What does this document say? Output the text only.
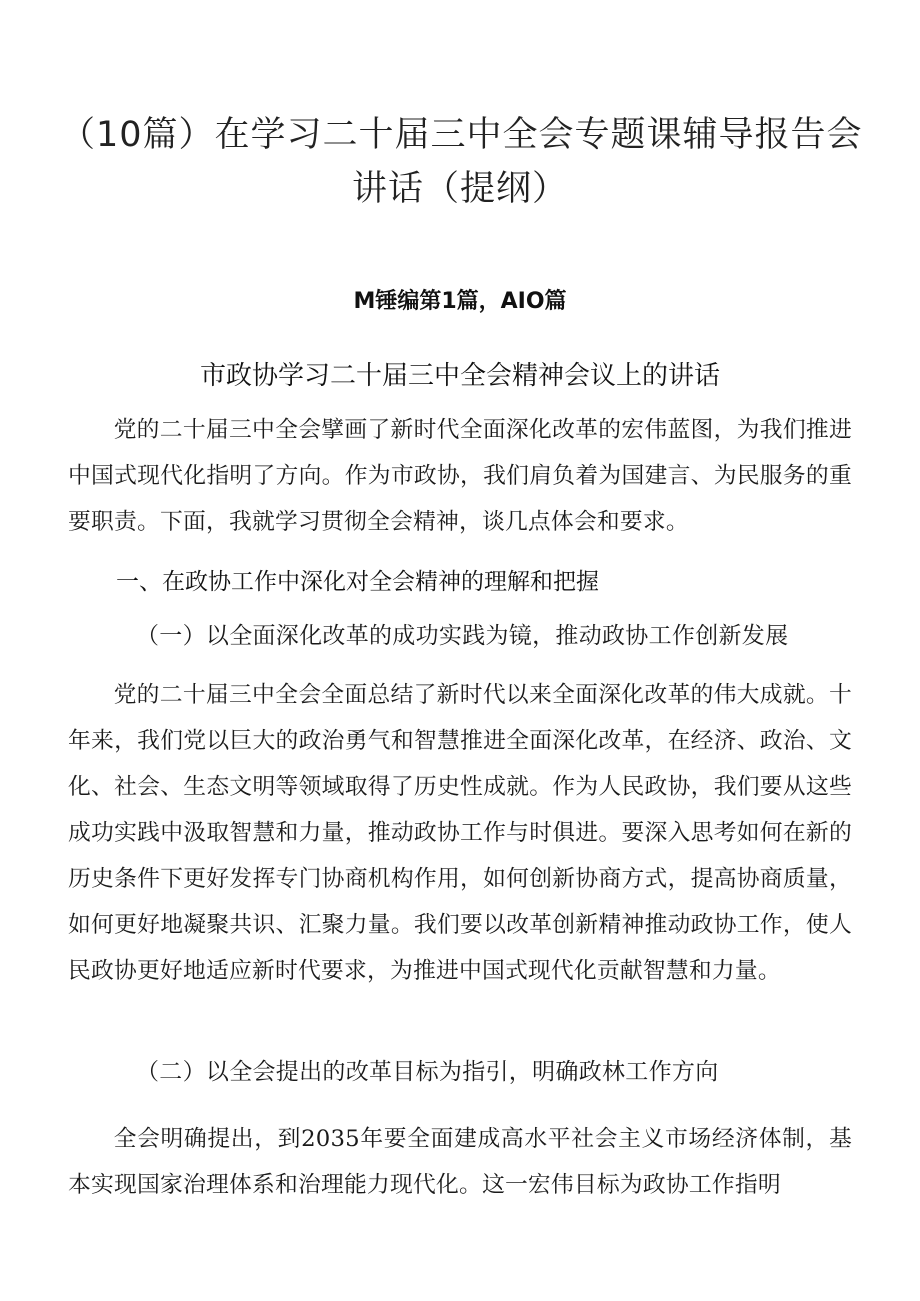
（10篇）在学习二十届三中全会专题课辅导报告会
讲话（提纲）
M锤编第1篇，AIO篇
市政协学习二十届三中全会精神会议上的讲话

党的二十届三中全会擘画了新时代全面深化改革的宏伟蓝图，为我们推进中国式现代化指明了方向。作为市政协，我们肩负着为国建言、为民服务的重要职责。下面，我就学习贯彻全会精神，谈几点体会和要求。

一、在政协工作中深化对全会精神的理解和把握
（一）以全面深化改革的成功实践为镜，推动政协工作创新发展

党的二十届三中全会全面总结了新时代以来全面深化改革的伟大成就。十年来，我们党以巨大的政治勇气和智慧推进全面深化改革，在经济、政治、文化、社会、生态文明等领域取得了历史性成就。作为人民政协，我们要从这些成功实践中汲取智慧和力量，推动政协工作与时俱进。要深入思考如何在新的历史条件下更好发挥专门协商机构作用，如何创新协商方式，提高协商质量，如何更好地凝聚共识、汇聚力量。我们要以改革创新精神推动政协工作，使人民政协更好地适应新时代要求，为推进中国式现代化贡献智慧和力量。

（二）以全会提出的改革目标为指引，明确政林工作方向

全会明确提出，到2035年要全面建成高水平社会主义市场经济体制，基本实现国家治理体系和治理能力现代化。这一宏伟目标为政协工作指明
